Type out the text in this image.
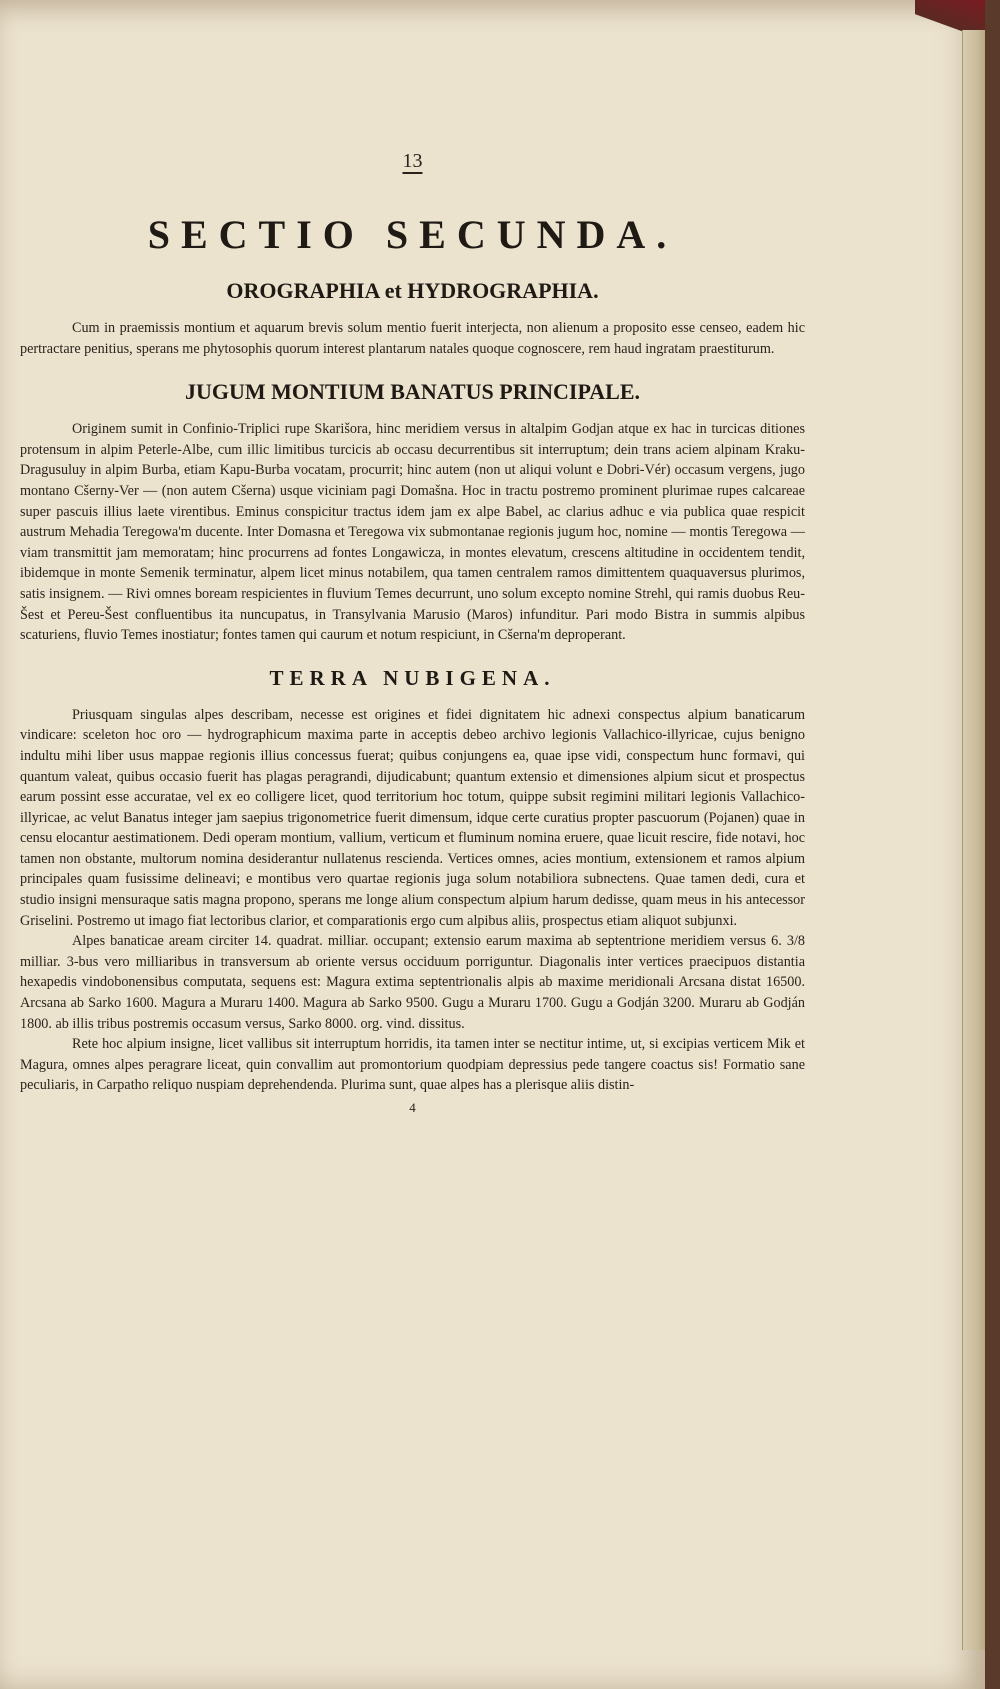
13
SECTIO SECUNDA.
OROGRAPHIA et HYDROGRAPHIA.

Cum in praemissis montium et aquarum brevis solum mentio fuerit interjecta, non alienum a proposito esse censeo, eadem hic pertractare penitius, sperans me phytosophis quorum interest plantarum natales quoque cognoscere, rem haud ingratam praestiturum.

JUGUM MONTIUM BANATUS PRINCIPALE.

Originem sumit in Confinio-Triplici rupe Skarišora, hinc meridiem versus in altalpim Godjan atque ex hac in turcicas ditiones protensum in alpim Peterle-Albe, cum illic limitibus turcicis ab occasu decurrentibus sit interruptum; dein trans aciem alpinam Kraku-Dragusuluy in alpim Burba, etiam Kapu-Burba vocatam, procurrit; hinc autem (non ut aliqui volunt e Dobri-Vér) occasum vergens, jugo montano Cšerny-Ver — (non autem Cšerna) usque viciniam pagi Domašna. Hoc in tractu postremo prominent plurimae rupes calcareae super pascuis illius laete virentibus. Eminus conspicitur tractus idem jam ex alpe Babel, ac clarius adhuc e via publica quae respicit austrum Mehadia Teregowa'm ducente. Inter Domasna et Teregowa vix submontanae regionis jugum hoc, nomine — montis Teregowa — viam transmittit jam memoratam; hinc procurrens ad fontes Longawicza, in montes elevatum, crescens altitudine in occidentem tendit, ibidemque in monte Semenik terminatur, alpem licet minus notabilem, qua tamen centralem ramos dimittentem quaquaversus plurimos, satis insignem. — Rivi omnes boream respicientes in fluvium Temes decurrunt, uno solum excepto nomine Strehl, qui ramis duobus Reu-Šest et Pereu-Šest confluentibus ita nuncupatus, in Transylvania Marusio (Maros) infunditur. Pari modo Bistra in summis alpibus scaturiens, fluvio Temes inostiatur; fontes tamen qui caurum et notum respiciunt, in Cšerna'm deproperant.

TERRA NUBIGENA.

Priusquam singulas alpes describam, necesse est origines et fidei dignitatem hic adnexi conspectus alpium banaticarum vindicare: sceleton hoc oro — hydrographicum maxima parte in acceptis debeo archivo legionis Vallachico-illyricae, cujus benigno indultu mihi liber usus mappae regionis illius concessus fuerat; quibus conjungens ea, quae ipse vidi, conspectum hunc formavi, qui quantum valeat, quibus occasio fuerit has plagas peragrandi, dijudicabunt; quantum extensio et dimensiones alpium sicut et prospectus earum possint esse accuratae, vel ex eo colligere licet, quod territorium hoc totum, quippe subsit regimini militari legionis Vallachico-illyricae, ac velut Banatus integer jam saepius trigonometrice fuerit dimensum, idque certe curatius propter pascuorum (Pojanen) quae in censu elocantur aestimationem. Dedi operam montium, vallium, verticum et fluminum nomina eruere, quae licuit rescire, fide notavi, hoc tamen non obstante, multorum nomina desiderantur nullatenus rescienda. Vertices omnes, acies montium, extensionem et ramos alpium principales quam fusissime delineavi; e montibus vero quartae regionis juga solum notabiliora subnectens. Quae tamen dedi, cura et studio insigni mensuraque satis magna propono, sperans me longe alium conspectum alpium harum dedisse, quam meus in his antecessor Griselini. Postremo ut imago fiat lectoribus clarior, et comparationis ergo cum alpibus aliis, prospectus etiam aliquot subjunxi.

Alpes banaticae aream circiter 14. quadrat. milliar. occupant; extensio earum maxima ab septentrione meridiem versus 6. 3/8 milliar. 3-bus vero milliaribus in transversum ab oriente versus occiduum porriguntur. Diagonalis inter vertices praecipuos distantia hexapedis vindobonensibus computata, sequens est: Magura extima septentrionalis alpis ab maxime meridionali Arcsana distat 16500. Arcsana ab Sarko 1600. Magura a Muraru 1400. Magura ab Sarko 9500. Gugu a Muraru 1700. Gugu a Godján 3200. Muraru ab Godján 1800. ab illis tribus postremis occasum versus, Sarko 8000. org. vind. dissitus.

Rete hoc alpium insigne, licet vallibus sit interruptum horridis, ita tamen inter se nectitur intime, ut, si excipias verticem Mik et Magura, omnes alpes peragrare liceat, quin convallim aut promontorium quodpiam depressius pede tangere coactus sis! Formatio sane peculiaris, in Carpatho reliquo nuspiam deprehendenda. Plurima sunt, quae alpes has a plerisque aliis distin-

4
